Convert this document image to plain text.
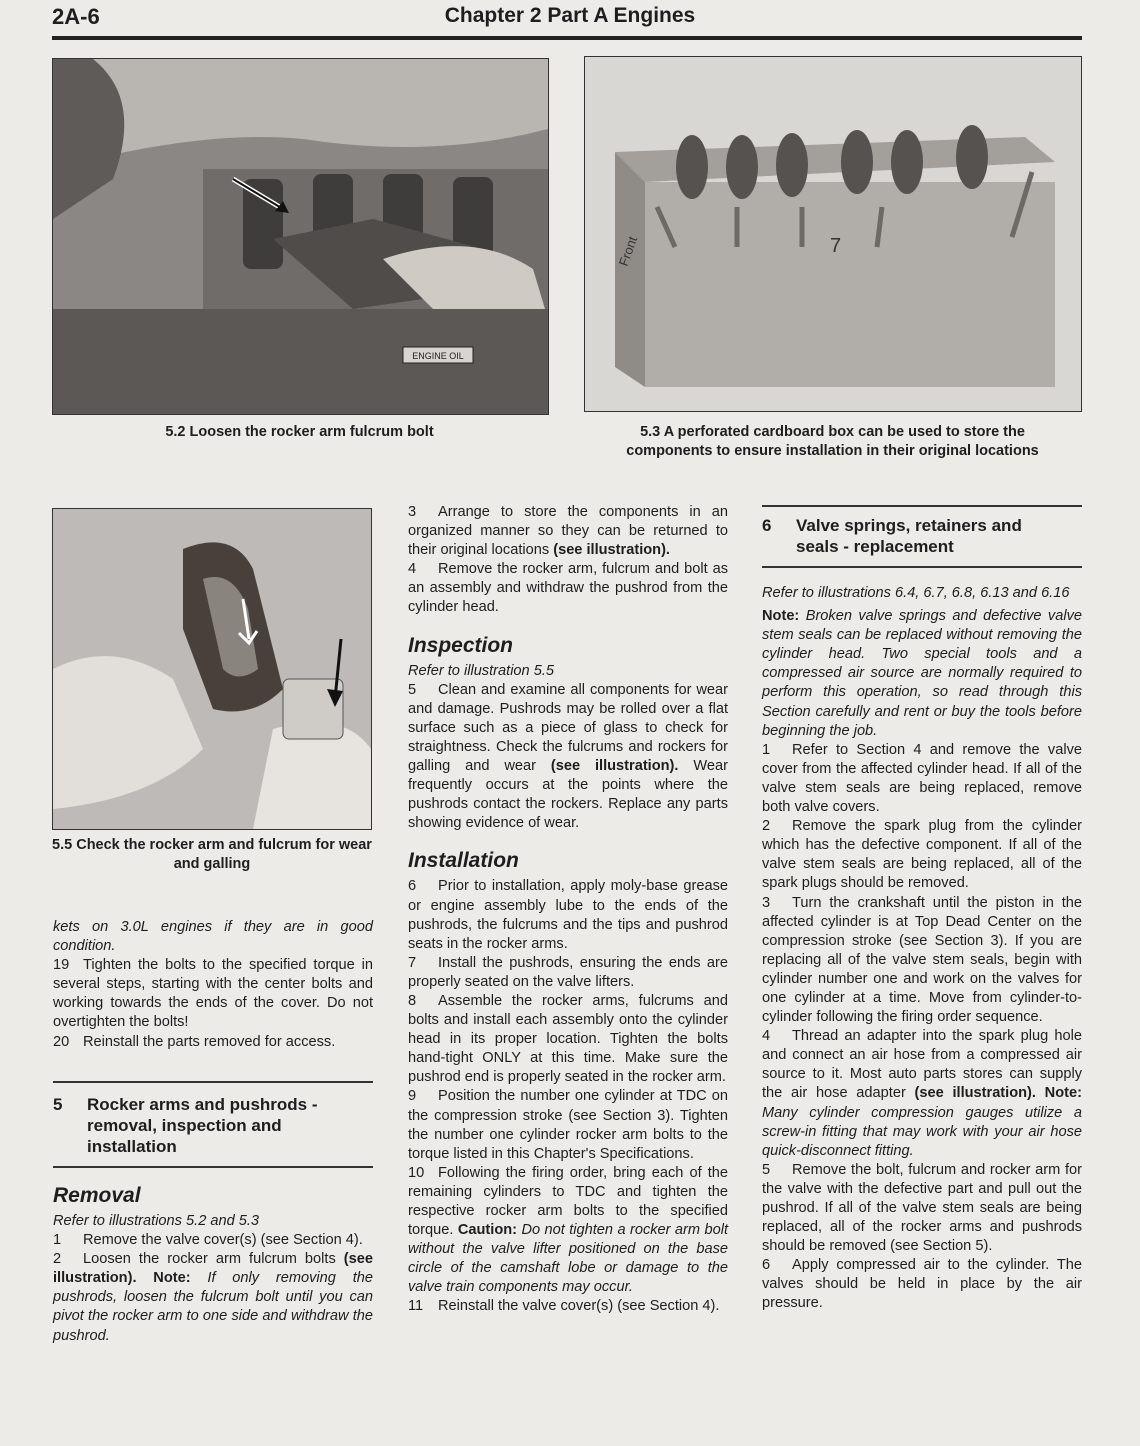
2A-6	Chapter 2 Part A Engines
ENGINE OIL
5.2 Loosen the rocker arm fulcrum bolt
Front	7
5.3 A perforated cardboard box can be used to store the components to ensure installation in their original locations
5.5 Check the rocker arm and fulcrum for wear and galling

kets on 3.0L engines if they are in good condition.

19 Tighten the bolts to the specified torque in several steps, starting with the center bolts and working towards the ends of the cover. Do not overtighten the bolts!

20 Reinstall the parts removed for access.

5	Rocker arms and pushrods - removal, inspection and installation
Removal

Refer to illustrations 5.2 and 5.3

1 Remove the valve cover(s) (see Section 4).

2 Loosen the rocker arm fulcrum bolts (see illustration). Note: If only removing the pushrods, loosen the fulcrum bolt until you can pivot the rocker arm to one side and withdraw the pushrod.

3 Arrange to store the components in an organized manner so they can be returned to their original locations (see illustration).

4 Remove the rocker arm, fulcrum and bolt as an assembly and withdraw the pushrod from the cylinder head.

Inspection

Refer to illustration 5.5

5 Clean and examine all components for wear and damage. Pushrods may be rolled over a flat surface such as a piece of glass to check for straightness. Check the fulcrums and rockers for galling and wear (see illustration). Wear frequently occurs at the points where the pushrods contact the rockers. Replace any parts showing evidence of wear.

Installation

6 Prior to installation, apply moly-base grease or engine assembly lube to the ends of the pushrods, the fulcrums and the tips and pushrod seats in the rocker arms.

7 Install the pushrods, ensuring the ends are properly seated on the valve lifters.

8 Assemble the rocker arms, fulcrums and bolts and install each assembly onto the cylinder head in its proper location. Tighten the bolts hand-tight ONLY at this time. Make sure the pushrod end is properly seated in the rocker arm.

9 Position the number one cylinder at TDC on the compression stroke (see Section 3). Tighten the number one cylinder rocker arm bolts to the torque listed in this Chapter's Specifications.

10 Following the firing order, bring each of the remaining cylinders to TDC and tighten the respective rocker arm bolts to the specified torque. Caution: Do not tighten a rocker arm bolt without the valve lifter positioned on the base circle of the camshaft lobe or damage to the valve train components may occur.

11 Reinstall the valve cover(s) (see Section 4).

6	Valve springs, retainers and seals - replacement

Refer to illustrations 6.4, 6.7, 6.8, 6.13 and 6.16

Note: Broken valve springs and defective valve stem seals can be replaced without removing the cylinder head. Two special tools and a compressed air source are normally required to perform this operation, so read through this Section carefully and rent or buy the tools before beginning the job.

1 Refer to Section 4 and remove the valve cover from the affected cylinder head. If all of the valve stem seals are being replaced, remove both valve covers.

2 Remove the spark plug from the cylinder which has the defective component. If all of the valve stem seals are being replaced, all of the spark plugs should be removed.

3 Turn the crankshaft until the piston in the affected cylinder is at Top Dead Center on the compression stroke (see Section 3). If you are replacing all of the valve stem seals, begin with cylinder number one and work on the valves for one cylinder at a time. Move from cylinder-to-cylinder following the firing order sequence.

4 Thread an adapter into the spark plug hole and connect an air hose from a compressed air source to it. Most auto parts stores can supply the air hose adapter (see illustration). Note: Many cylinder compression gauges utilize a screw-in fitting that may work with your air hose quick-disconnect fitting.

5 Remove the bolt, fulcrum and rocker arm for the valve with the defective part and pull out the pushrod. If all of the valve stem seals are being replaced, all of the rocker arms and pushrods should be removed (see Section 5).

6 Apply compressed air to the cylinder. The valves should be held in place by the air pressure.
